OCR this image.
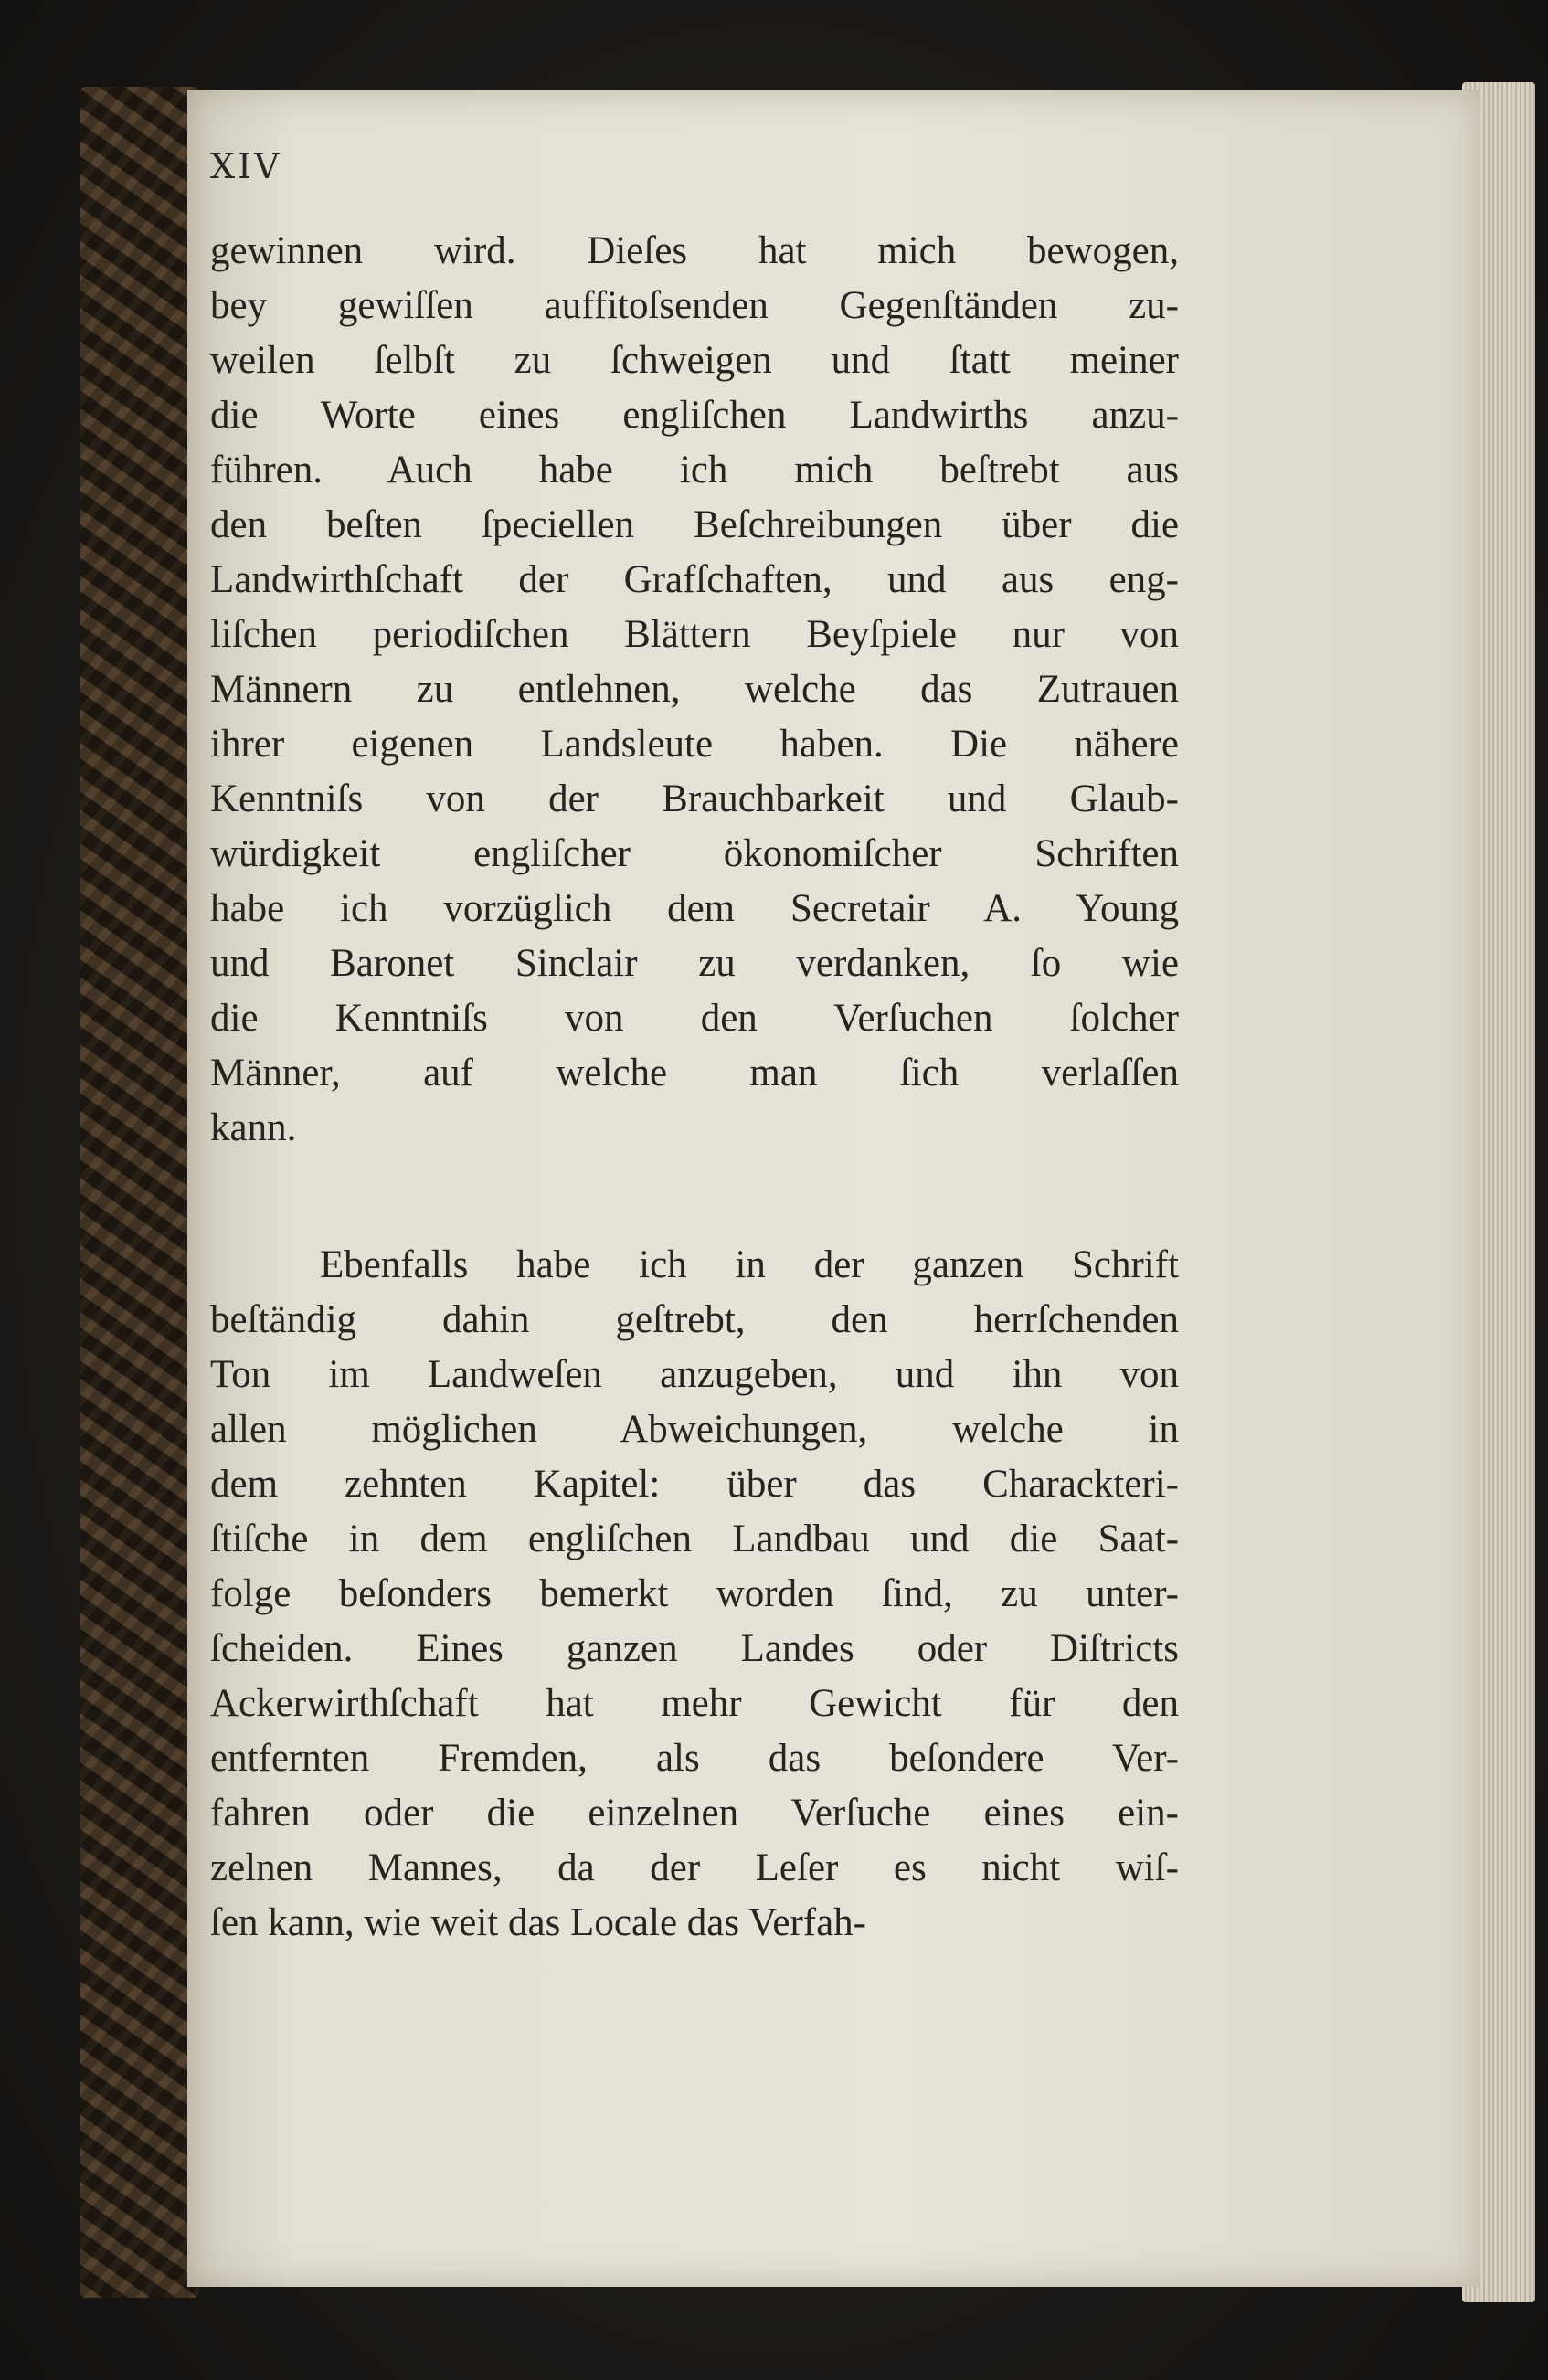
XIV
gewinnen wird. Dieſes hat mich bewogen,
bey gewiſſen auffitoſsenden Gegenſtänden zu-
weilen ſelbſt zu ſchweigen und ſtatt meiner
die Worte eines engliſchen Landwirths anzu-
führen. Auch habe ich mich beſtrebt aus
den beſten ſpeciellen Beſchreibungen über die
Landwirthſchaft der Grafſchaften, und aus eng-
liſchen periodiſchen Blättern Beyſpiele nur von
Männern zu entlehnen, welche das Zutrauen
ihrer eigenen Landsleute haben. Die nähere
Kenntniſs von der Brauchbarkeit und Glaub-
würdigkeit engliſcher ökonomiſcher Schriften
habe ich vorzüglich dem Secretair A. Young
und Baronet Sinclair zu verdanken, ſo wie
die Kenntniſs von den Verſuchen ſolcher
Männer, auf welche man ſich verlaſſen
kann.
Ebenfalls habe ich in der ganzen Schrift
beſtändig dahin geſtrebt, den herrſchenden
Ton im Landweſen anzugeben, und ihn von
allen möglichen Abweichungen, welche in
dem zehnten Kapitel: über das Charackteri-
ſtiſche in dem engliſchen Landbau und die Saat-
folge beſonders bemerkt worden ſind, zu unter-
ſcheiden. Eines ganzen Landes oder Diſtricts
Ackerwirthſchaft hat mehr Gewicht für den
entfernten Fremden, als das beſondere Ver-
fahren oder die einzelnen Verſuche eines ein-
zelnen Mannes, da der Leſer es nicht wiſ-
ſen kann, wie weit das Locale das Verfah-
